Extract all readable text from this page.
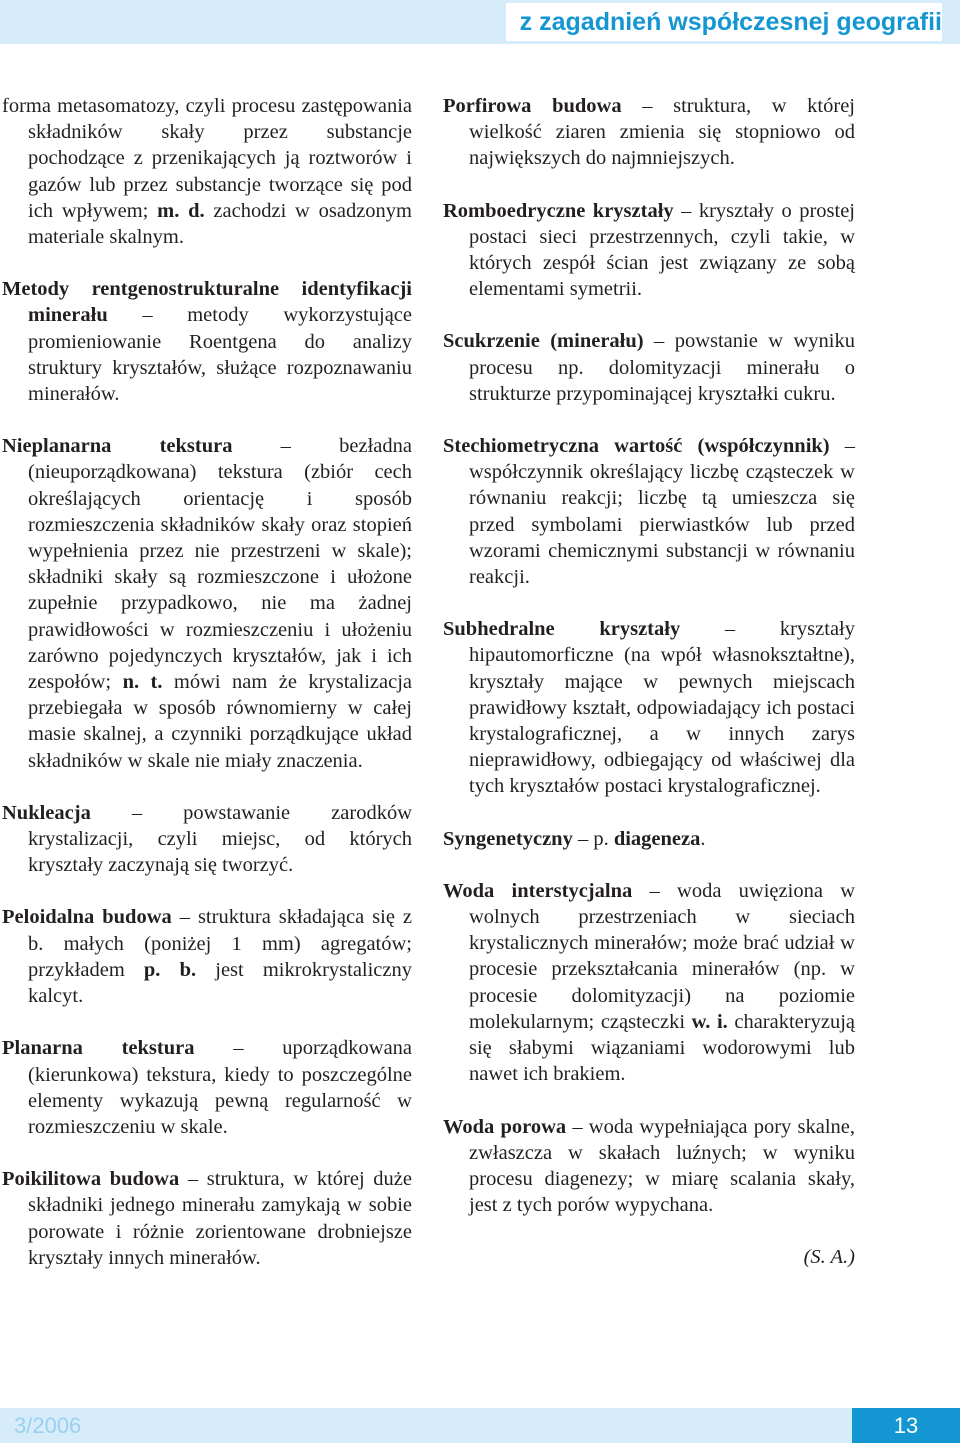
z zagadnień współczesnej geografii

forma metasomatozy, czyli procesu zastępowania składników skały przez substancje pochodzące z przenikających ją roztworów i gazów lub przez substancje tworzące się pod ich wpływem; m. d. zachodzi w osadzonym materiale skalnym.

Metody rentgenostrukturalne identyfikacji minerału – metody wykorzystujące promieniowanie Roentgena do analizy struktury kryształów, służące rozpoznawaniu minerałów.

Nieplanarna tekstura – bezładna (nieuporządkowana) tekstura (zbiór cech określających orientację i sposób rozmieszczenia składników skały oraz stopień wypełnienia przez nie przestrzeni w skale); składniki skały są rozmieszczone i ułożone zupełnie przypadkowo, nie ma żadnej prawidłowości w rozmieszczeniu i ułożeniu zarówno pojedynczych kryształów, jak i ich zespołów; n. t. mówi nam że krystalizacja przebiegała w sposób równomierny w całej masie skalnej, a czynniki porządkujące układ składników w skale nie miały znaczenia.

Nukleacja – powstawanie zarodków krystalizacji, czyli miejsc, od których kryształy zaczynają się tworzyć.

Peloidalna budowa – struktura składająca się z b. małych (poniżej 1 mm) agregatów; przykładem p. b. jest mikrokrystaliczny kalcyt.

Planarna tekstura – uporządkowana (kierunkowa) tekstura, kiedy to poszczególne elementy wykazują pewną regularność w rozmieszczeniu w skale.

Poikilitowa budowa – struktura, w której duże składniki jednego minerału zamykają w sobie porowate i różnie zorientowane drobniejsze kryształy innych minerałów.

Porfirowa budowa – struktura, w której wielkość ziaren zmienia się stopniowo od największych do najmniejszych.

Romboedryczne kryształy – kryształy o prostej postaci sieci przestrzennych, czyli takie, w których zespół ścian jest związany ze sobą elementami symetrii.

Scukrzenie (minerału) – powstanie w wyniku procesu np. dolomityzacji minerału o strukturze przypominającej kryształki cukru.

Stechiometryczna wartość (współczynnik) – współczynnik określający liczbę cząsteczek w równaniu reakcji; liczbę tą umieszcza się przed symbolami pierwiastków lub przed wzorami chemicznymi substancji w równaniu reakcji.

Subhedralne kryształy – kryształy hipautomorficzne (na wpół własnokształtne), kryształy mające w pewnych miejscach prawidłowy kształt, odpowiadający ich postaci krystalograficznej, a w innych zarys nieprawidłowy, odbiegający od właściwej dla tych kryształów postaci krystalograficznej.

Syngenetyczny – p. diageneza.

Woda interstycjalna – woda uwięziona w wolnych przestrzeniach w sieciach krystalicznych minerałów; może brać udział w procesie przekształcania minerałów (np. w procesie dolomityzacji) na poziomie molekularnym; cząsteczki w. i. charakteryzują się słabymi wiązaniami wodorowymi lub nawet ich brakiem.

Woda porowa – woda wypełniająca pory skalne, zwłaszcza w skałach luźnych; w wyniku procesu diagenezy; w miarę scalania skały, jest z tych porów wypychana.

(S. A.)

3/2006	13
